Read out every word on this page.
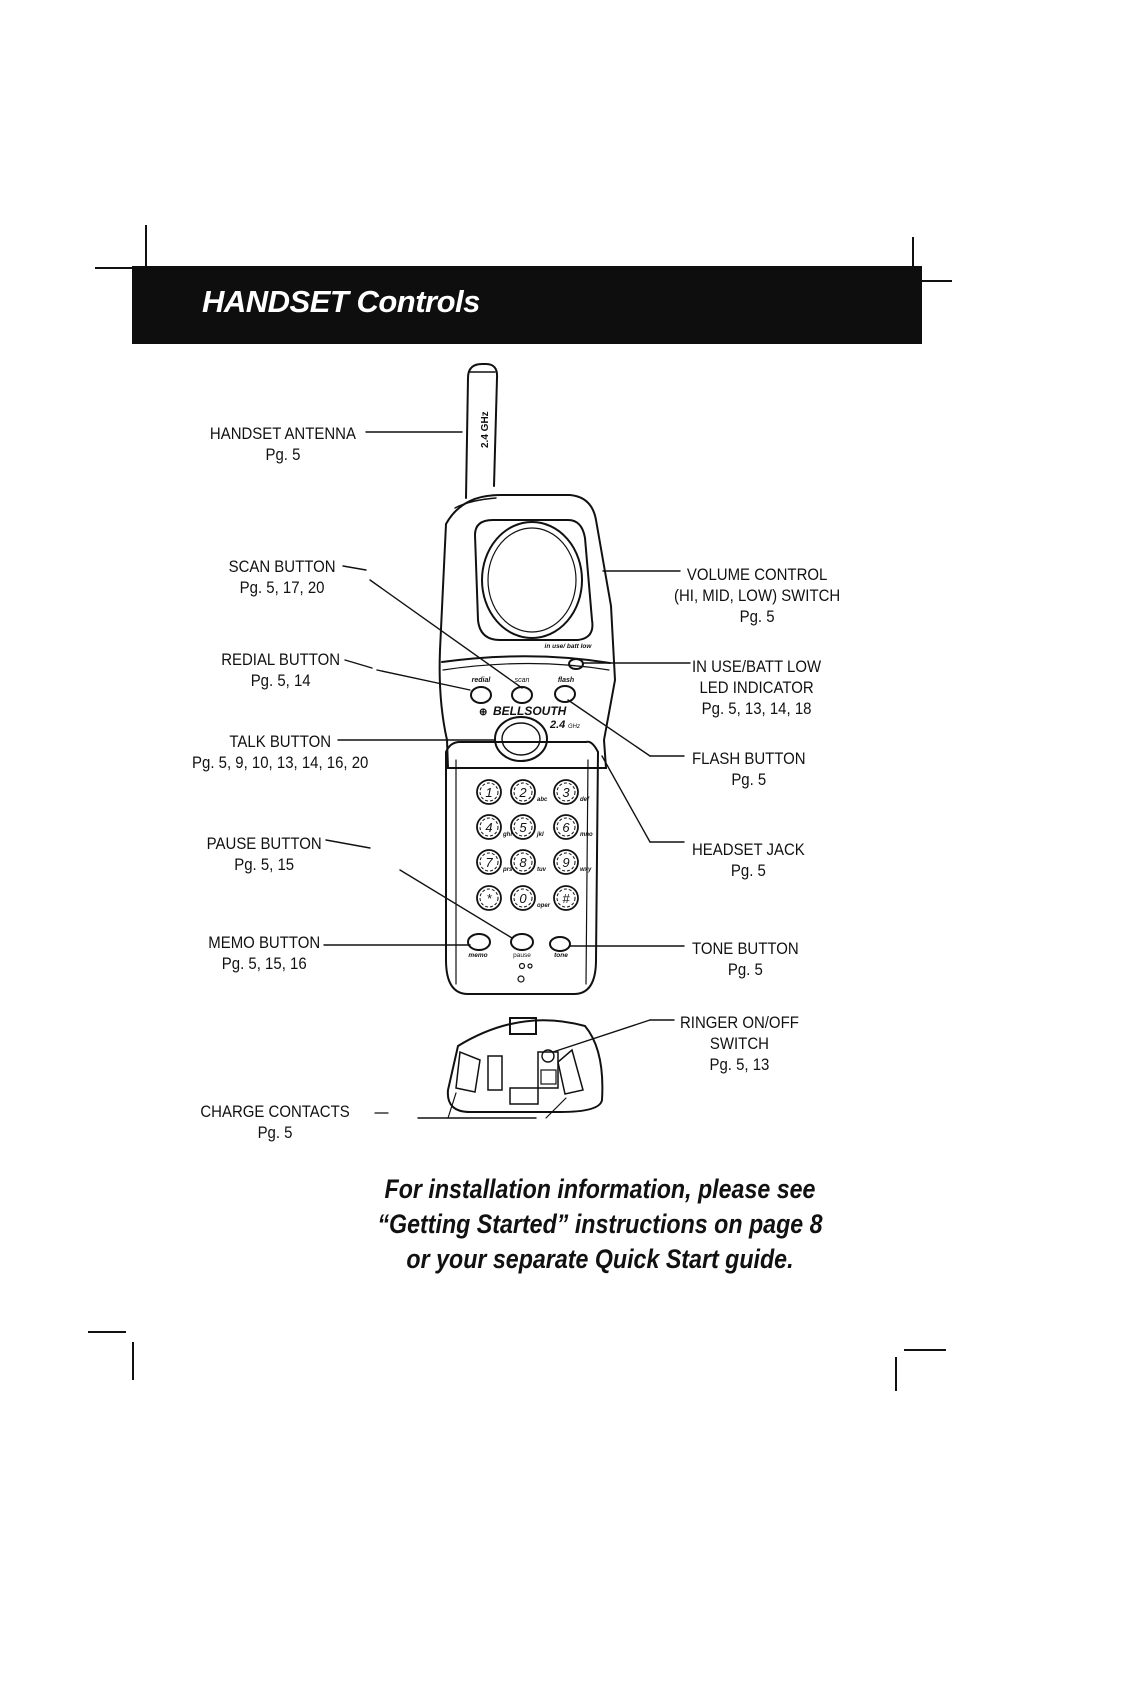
HANDSET Controls
1 2 abc 3 def
4 ghi 5 jkl 6 mno
7 prs 8 tuv 9 wxy
* 0 oper #
2.4 GHz
in use/ batt low
redial	scan	flash
⊕ BELLSOUTH
2.4 GHz
memo	pause	tone
HANDSET ANTENNA
Pg. 5
SCAN BUTTON
Pg. 5, 17, 20
REDIAL BUTTON
Pg. 5, 14
TALK BUTTON
Pg. 5, 9, 10, 13, 14, 16, 20
PAUSE BUTTON
Pg. 5, 15
MEMO BUTTON
Pg. 5, 15, 16
CHARGE CONTACTS
Pg. 5
VOLUME CONTROL
(HI, MID, LOW) SWITCH
Pg. 5
IN USE/BATT LOW
LED INDICATOR
Pg. 5, 13, 14, 18
FLASH BUTTON
Pg. 5
HEADSET JACK
Pg. 5
TONE BUTTON
Pg. 5
RINGER ON/OFF
SWITCH
Pg. 5, 13
For installation information, please see
“Getting Started” instructions on page 8
or your separate Quick Start guide.
